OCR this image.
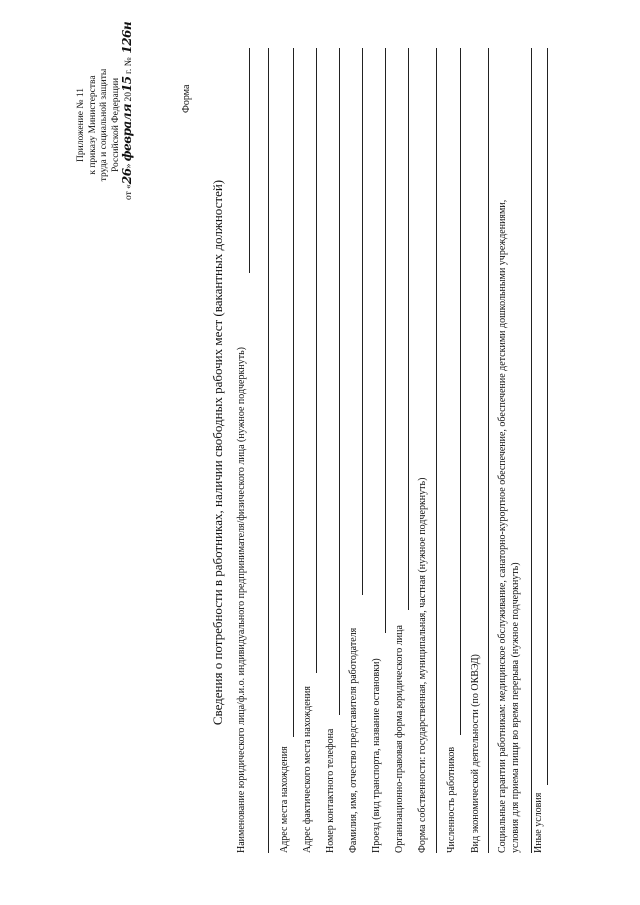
Приложение № 11 к приказу Министерства труда и социальной защиты Российской Федерации
от «26» февраля 2015 г. № 126н
Форма
Сведения о потребности в работниках, наличии свободных рабочих мест (вакантных должностей) Наименование юридического лица/ф.и.о. индивидуального предпринимателя/физического лица (нужное подчеркнуть)	Адрес места нахождения Адрес фактического места нахождения Номер контактного телефона Фамилия, имя, отчество представителя работодателя Проезд (вид транспорта, название остановки) Организационно-правовая форма юридического лица Форма собственности: государственная, муниципальная, частная (нужное подчеркнуть) Численность работников Вид экономической деятельности (по ОКВЭД) Социальные гарантии работникам: медицинское обслуживание, санаторно-курортное обеспечение, обеспечение детскими дошкольными учреждениями, условия для приема пищи во время перерыва (нужное подчеркнуть) Иные условия
